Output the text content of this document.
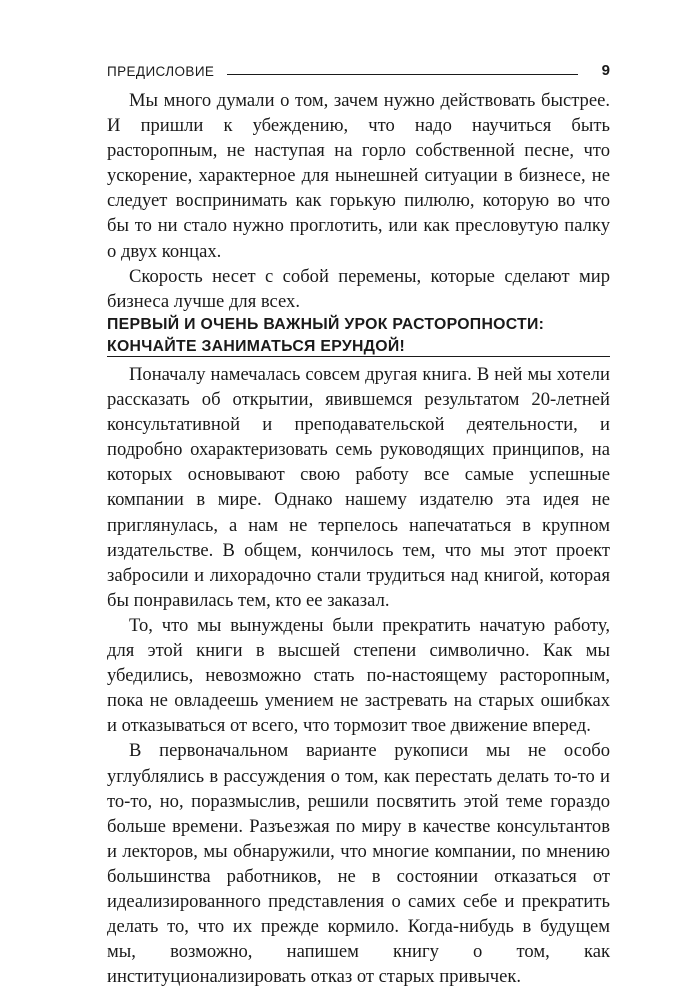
ПРЕДИСЛОВИЕ	9

Мы много думали о том, зачем нужно действовать быстрее. И пришли к убеждению, что надо научиться быть расторопным, не наступая на горло собственной песне, что ускорение, характерное для нынешней ситуации в бизнесе, не следует воспринимать как горькую пилюлю, которую во что бы то ни стало нужно проглотить, или как пресловутую палку о двух концах.

Скорость несет с собой перемены, которые сделают мир бизнеса лучше для всех.

ПЕРВЫЙ И ОЧЕНЬ ВАЖНЫЙ УРОК РАСТОРОПНОСТИ: КОНЧАЙТЕ ЗАНИМАТЬСЯ ЕРУНДОЙ!

Поначалу намечалась совсем другая книга. В ней мы хотели рассказать об открытии, явившемся результатом 20-летней консультативной и преподавательской деятельности, и подробно охарактеризовать семь руководящих принципов, на которых основывают свою работу все самые успешные компании в мире. Однако нашему издателю эта идея не приглянулась, а нам не терпелось напечататься в крупном издательстве. В общем, кончилось тем, что мы этот проект забросили и лихорадочно стали трудиться над книгой, которая бы понравилась тем, кто ее заказал.

То, что мы вынуждены были прекратить начатую работу, для этой книги в высшей степени символично. Как мы убедились, невозможно стать по-настоящему расторопным, пока не овладеешь умением не застревать на старых ошибках и отказываться от всего, что тормозит твое движение вперед.

В первоначальном варианте рукописи мы не особо углублялись в рассуждения о том, как перестать делать то-то и то-то, но, поразмыслив, решили посвятить этой теме гораздо больше времени. Разъезжая по миру в качестве консультантов и лекторов, мы обнаружили, что многие компании, по мнению большинства работников, не в состоянии отказаться от идеализированного представления о самих себе и прекратить делать то, что их прежде кормило. Когда-нибудь в будущем мы, возможно, напишем книгу о том, как институционализировать отказ от старых привычек.
